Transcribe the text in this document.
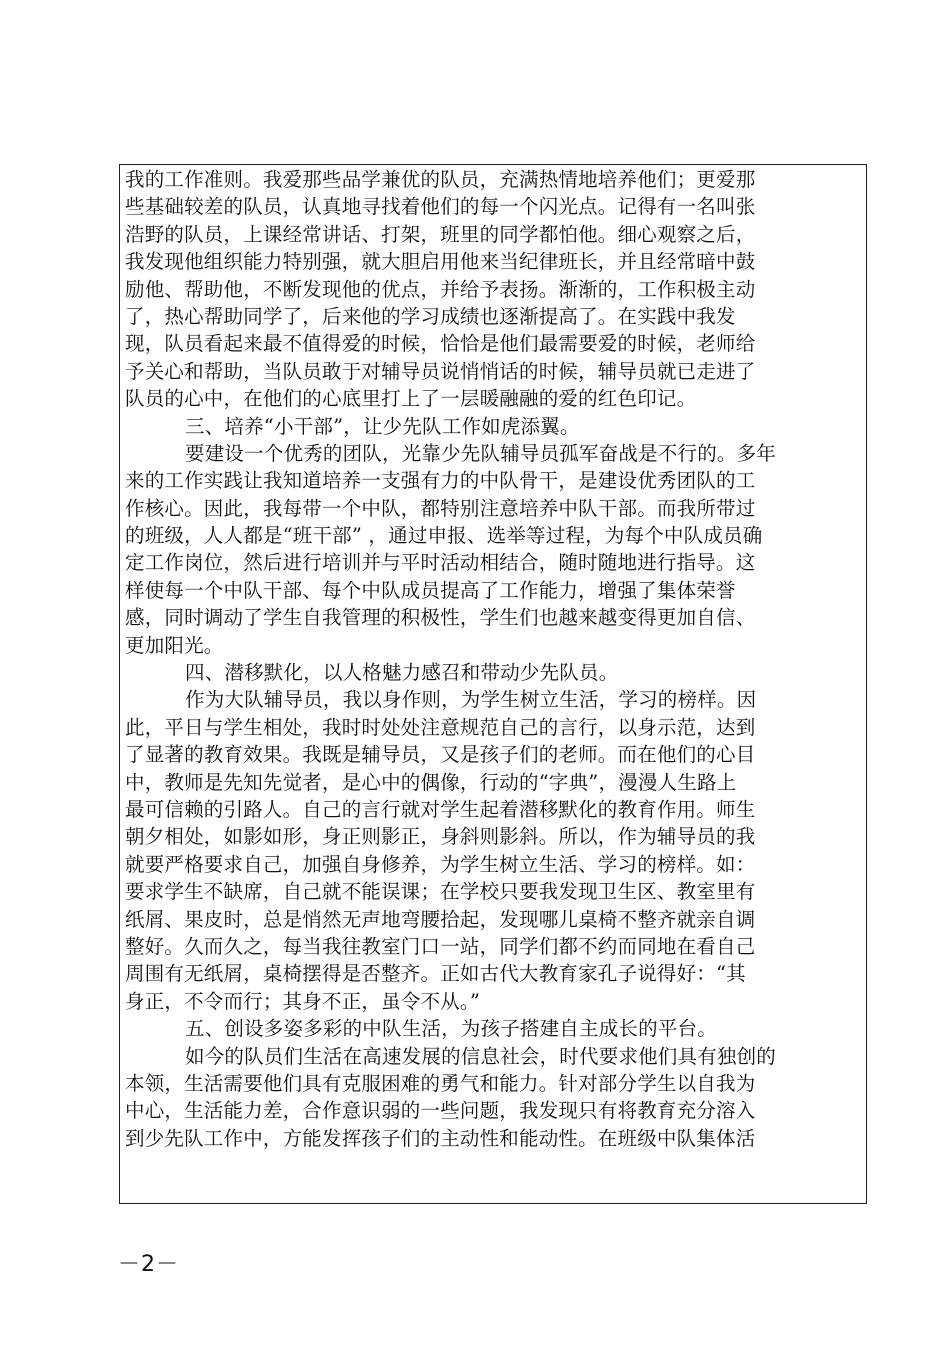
我的工作准则。我爱那些品学兼优的队员，充满热情地培养他们；更爱那
些基础较差的队员，认真地寻找着他们的每一个闪光点。记得有一名叫张
浩野的队员，上课经常讲话、打架，班里的同学都怕他。细心观察之后，
我发现他组织能力特别强，就大胆启用他来当纪律班长，并且经常暗中鼓
励他、帮助他，不断发现他的优点，并给予表扬。渐渐的，工作积极主动
了，热心帮助同学了，后来他的学习成绩也逐渐提高了。在实践中我发
现，队员看起来最不值得爱的时候，恰恰是他们最需要爱的时候，老师给
予关心和帮助，当队员敢于对辅导员说悄悄话的时候，辅导员就已走进了
队员的心中，在他们的心底里打上了一层暖融融的爱的红色印记。
三、培养“小干部”，让少先队工作如虎添翼。
要建设一个优秀的团队，光靠少先队辅导员孤军奋战是不行的。多年
来的工作实践让我知道培养一支强有力的中队骨干，是建设优秀团队的工
作核心。因此，我每带一个中队，都特别注意培养中队干部。而我所带过
的班级，人人都是“班干部” ，通过申报、选举等过程，为每个中队成员确
定工作岗位，然后进行培训并与平时活动相结合，随时随地进行指导。这
样使每一个中队干部、每个中队成员提高了工作能力，增强了集体荣誉
感，同时调动了学生自我管理的积极性，学生们也越来越变得更加自信、
更加阳光。
四、潜移默化，以人格魅力感召和带动少先队员。
作为大队辅导员，我以身作则，为学生树立生活，学习的榜样。因
此，平日与学生相处，我时时处处注意规范自己的言行，以身示范，达到
了显著的教育效果。我既是辅导员，又是孩子们的老师。而在他们的心目
中，教师是先知先觉者，是心中的偶像，行动的“字典”，漫漫人生路上
最可信赖的引路人。自己的言行就对学生起着潜移默化的教育作用。师生
朝夕相处，如影如形，身正则影正，身斜则影斜。所以，作为辅导员的我
就要严格要求自己，加强自身修养，为学生树立生活、学习的榜样。如：
要求学生不缺席，自己就不能误课；在学校只要我发现卫生区、教室里有
纸屑、果皮时，总是悄然无声地弯腰拾起，发现哪儿桌椅不整齐就亲自调
整好。久而久之，每当我往教室门口一站，同学们都不约而同地在看自己
周围有无纸屑，桌椅摆得是否整齐。正如古代大教育家孔子说得好：“其
身正，不令而行；其身不正，虽令不从。”
五、创设多姿多彩的中队生活，为孩子搭建自主成长的平台。
如今的队员们生活在高速发展的信息社会，时代要求他们具有独创的
本领，生活需要他们具有克服困难的勇气和能力。针对部分学生以自我为
中心，生活能力差，合作意识弱的一些问题，我发现只有将教育充分溶入
到少先队工作中，方能发挥孩子们的主动性和能动性。在班级中队集体活
－2－
